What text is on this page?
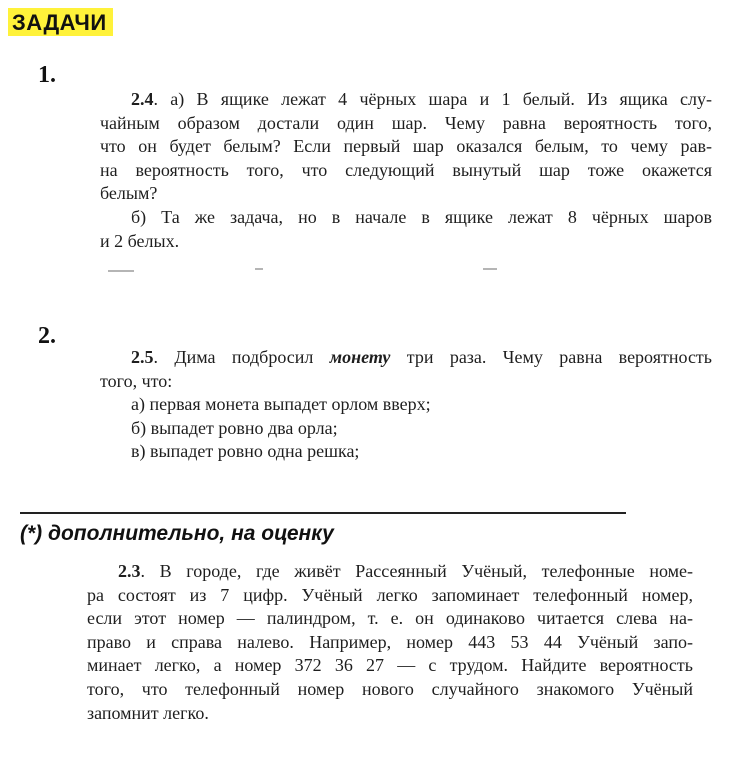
ЗАДАЧИ
1.
2.4. а) В ящике лежат 4 чёрных шара и 1 белый. Из ящика слу-
чайным образом достали один шар. Чему равна вероятность того,
что он будет белым? Если первый шар оказался белым, то чему рав-
на вероятность того, что следующий вынутый шар тоже окажется
белым?
б) Та же задача, но в начале в ящике лежат 8 чёрных шаров
и 2 белых.
2.
2.5. Дима подбросил монету три раза. Чему равна вероятность
того, что:
а) первая монета выпадет орлом вверх;
б) выпадет ровно два орла;
в) выпадет ровно одна решка;
(*) дополнительно, на оценку
2.3. В городе, где живёт Рассеянный Учёный, телефонные номе-
ра состоят из 7 цифр. Учёный легко запоминает телефонный номер,
если этот номер — палиндром, т. е. он одинаково читается слева на-
право и справа налево. Например, номер 443 53 44 Учёный запо-
минает легко, а номер 372 36 27 — с трудом. Найдите вероятность
того, что телефонный номер нового случайного знакомого Учёный
запомнит легко.
